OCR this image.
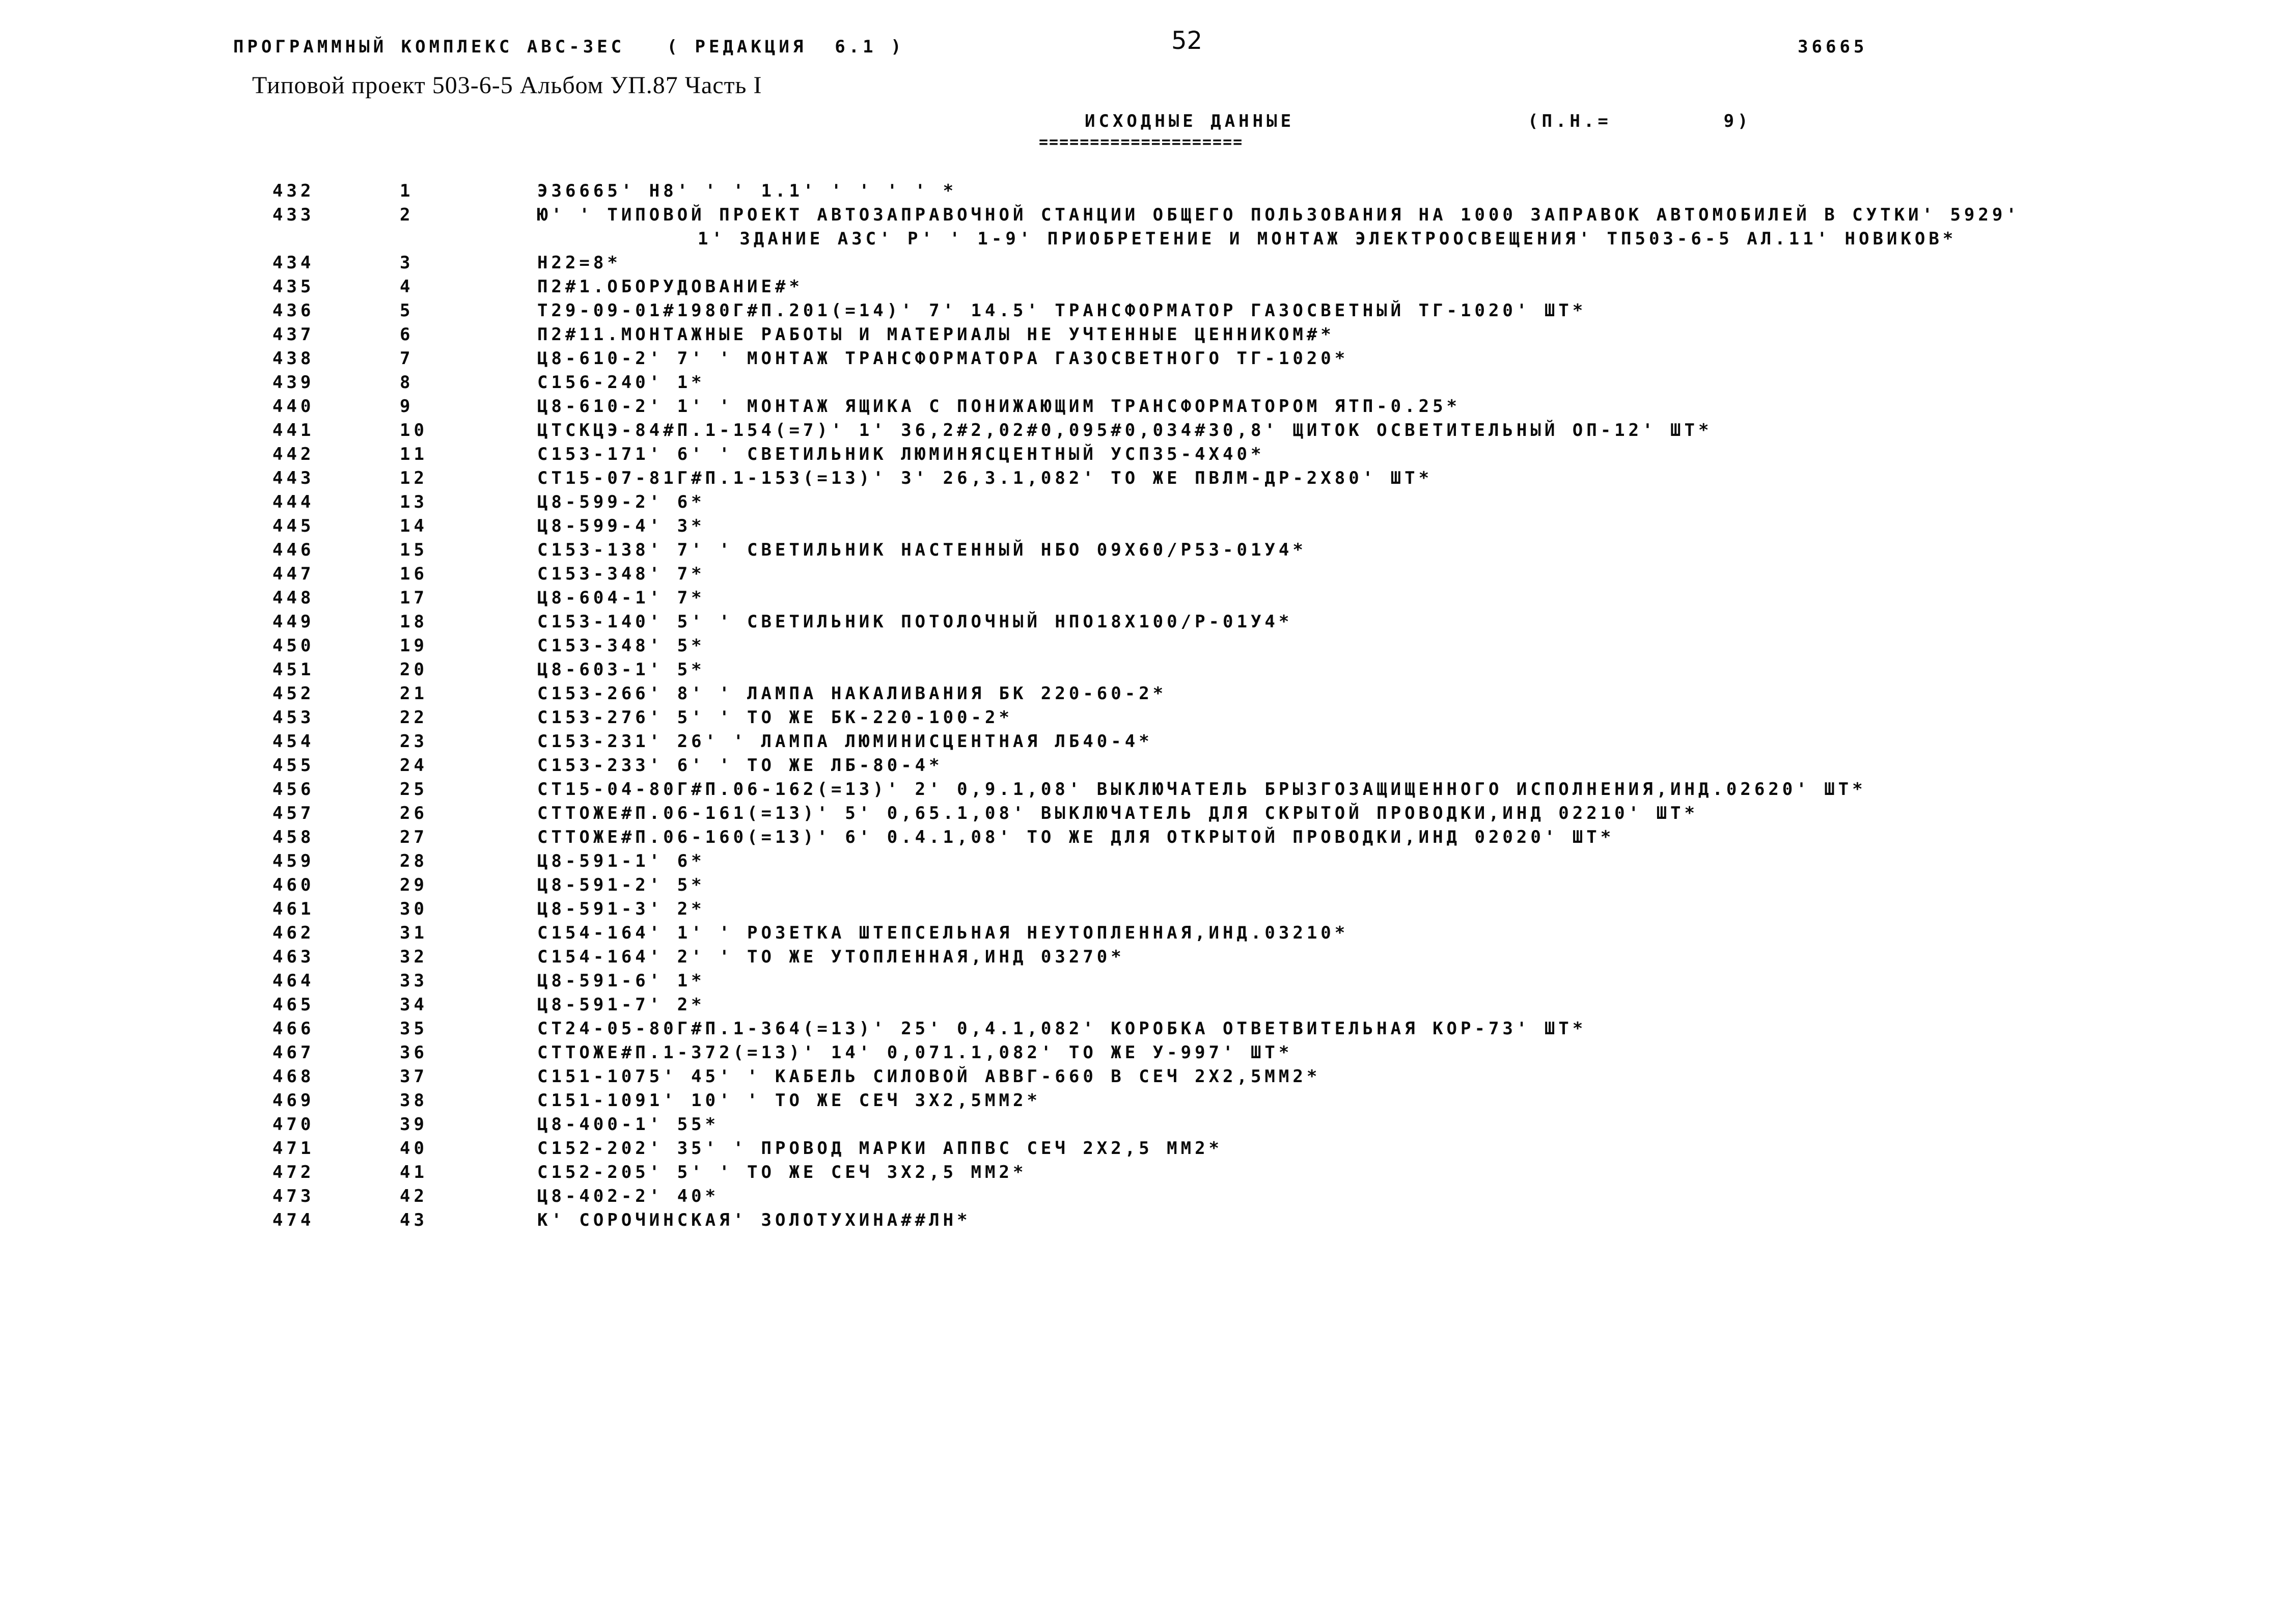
ПРОГРАММНЫЙ КОМПЛЕКС АВС-ЗЕС   ( РЕДАКЦИЯ  6.1 )	52	36665
Типовой проект 503-6-5 Альбом УП.87 Часть I
ИСХОДНЫЕ ДАННЫЕ	(П.Н.=        9)
====================
432	1	Э36665' Н8' ' ' 1.1' ' ' ' ' *
433	2	Ю' ' ТИПОВОЙ ПРОЕКТ АВТОЗАПРАВОЧНОЙ СТАНЦИИ ОБЩЕГО ПОЛЬЗОВАНИЯ НА 1000 ЗАПРАВОК АВТОМОБИЛЕЙ В СУТКИ' 5929'
1' ЗДАНИЕ АЗС' Р' ' 1-9' ПРИОБРЕТЕНИЕ И МОНТАЖ ЭЛЕКТРООСВЕЩЕНИЯ' ТП503-6-5 АЛ.11' НОВИКОВ*
434	3	Н22=8*
435	4	П2#1.ОБОРУДОВАНИЕ#*
436	5	Т29-09-01#1980Г#П.201(=14)' 7' 14.5' ТРАНСФОРМАТОР ГАЗОСВЕТНЫЙ ТГ-1020' ШТ*
437	6	П2#11.МОНТАЖНЫЕ РАБОТЫ И МАТЕРИАЛЫ НЕ УЧТЕННЫЕ ЦЕННИКОМ#*
438	7	Ц8-610-2' 7' ' МОНТАЖ ТРАНСФОРМАТОРА ГАЗОСВЕТНОГО ТГ-1020*
439	8	С156-240' 1*
440	9	Ц8-610-2' 1' ' МОНТАЖ ЯЩИКА С ПОНИЖАЮЩИМ ТРАНСФОРМАТОРОМ ЯТП-0.25*
441	10	ЦТСКЦЭ-84#П.1-154(=7)' 1' 36,2#2,02#0,095#0,034#30,8' ЩИТОК ОСВЕТИТЕЛЬНЫЙ ОП-12' ШТ*
442	11	С153-171' 6' ' СВЕТИЛЬНИК ЛЮМИНЯСЦЕНТНЫЙ УСП35-4Х40*
443	12	СТ15-07-81Г#П.1-153(=13)' 3' 26,3.1,082' ТО ЖЕ ПВЛМ-ДР-2Х80' ШТ*
444	13	Ц8-599-2' 6*
445	14	Ц8-599-4' 3*
446	15	С153-138' 7' ' СВЕТИЛЬНИК НАСТЕННЫЙ НБО 09Х60/Р53-01У4*
447	16	С153-348' 7*
448	17	Ц8-604-1' 7*
449	18	С153-140' 5' ' СВЕТИЛЬНИК ПОТОЛОЧНЫЙ НПО18Х100/Р-01У4*
450	19	С153-348' 5*
451	20	Ц8-603-1' 5*
452	21	С153-266' 8' ' ЛАМПА НАКАЛИВАНИЯ БК 220-60-2*
453	22	С153-276' 5' ' ТО ЖЕ БК-220-100-2*
454	23	С153-231' 26' ' ЛАМПА ЛЮМИНИСЦЕНТНАЯ ЛБ40-4*
455	24	С153-233' 6' ' ТО ЖЕ ЛБ-80-4*
456	25	СТ15-04-80Г#П.06-162(=13)' 2' 0,9.1,08' ВЫКЛЮЧАТЕЛЬ БРЫЗГОЗАЩИЩЕННОГО ИСПОЛНЕНИЯ,ИНД.02620' ШТ*
457	26	СТТОЖЕ#П.06-161(=13)' 5' 0,65.1,08' ВЫКЛЮЧАТЕЛЬ ДЛЯ СКРЫТОЙ ПРОВОДКИ,ИНД 02210' ШТ*
458	27	СТТОЖЕ#П.06-160(=13)' 6' 0.4.1,08' ТО ЖЕ ДЛЯ ОТКРЫТОЙ ПРОВОДКИ,ИНД 02020' ШТ*
459	28	Ц8-591-1' 6*
460	29	Ц8-591-2' 5*
461	30	Ц8-591-3' 2*
462	31	С154-164' 1' ' РОЗЕТКА ШТЕПСЕЛЬНАЯ НЕУТОПЛЕННАЯ,ИНД.03210*
463	32	С154-164' 2' ' ТО ЖЕ УТОПЛЕННАЯ,ИНД 03270*
464	33	Ц8-591-6' 1*
465	34	Ц8-591-7' 2*
466	35	СТ24-05-80Г#П.1-364(=13)' 25' 0,4.1,082' КОРОБКА ОТВЕТВИТЕЛЬНАЯ КОР-73' ШТ*
467	36	СТТОЖЕ#П.1-372(=13)' 14' 0,071.1,082' ТО ЖЕ У-997' ШТ*
468	37	С151-1075' 45' ' КАБЕЛЬ СИЛОВОЙ АВВГ-660 В СЕЧ 2Х2,5ММ2*
469	38	С151-1091' 10' ' ТО ЖЕ СЕЧ 3Х2,5ММ2*
470	39	Ц8-400-1' 55*
471	40	С152-202' 35' ' ПРОВОД МАРКИ АППВС СЕЧ 2Х2,5 ММ2*
472	41	С152-205' 5' ' ТО ЖЕ СЕЧ 3Х2,5 ММ2*
473	42	Ц8-402-2' 40*
474	43	К' СОРОЧИНСКАЯ' ЗОЛОТУХИНА##ЛН*
